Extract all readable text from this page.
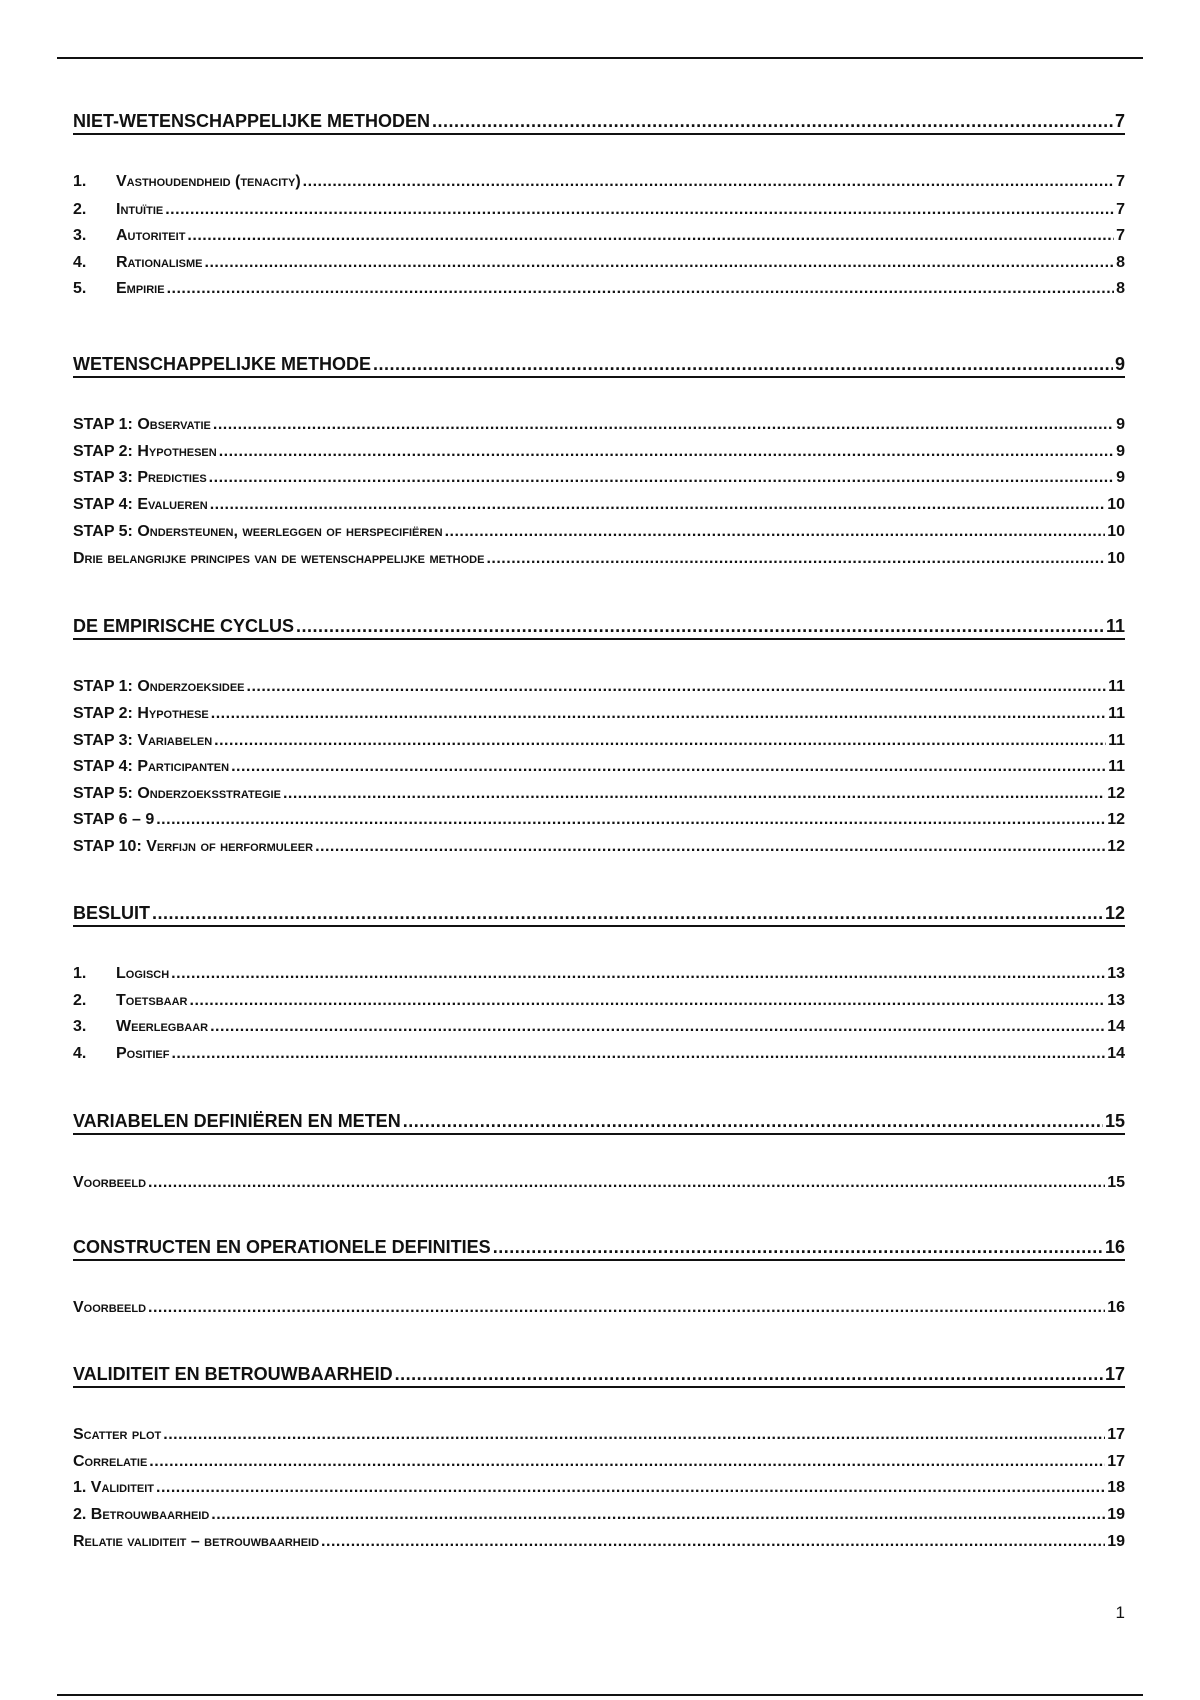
NIET-WETENSCHAPPELIJKE METHODEN .....	7
1.	Vasthoudendheid (tenacity) .....	7
2.	Intuïtie .....	7
3.	Autoriteit .....	7
4.	Rationalisme .....	8
5.	Empirie .....	8
WETENSCHAPPELIJKE METHODE .....	9
STAP 1: Observatie .....	9
STAP 2: Hypothesen .....	9
STAP 3: Predicties .....	9
STAP 4: Evalueren .....	10
STAP 5: Ondersteunen, weerleggen of herspecifiëren .....	10
Drie belangrijke principes van de wetenschappelijke methode .....	10
DE EMPIRISCHE CYCLUS .....	11
STAP 1: Onderzoeksidee .....	11
STAP 2: Hypothese .....	11
STAP 3: Variabelen .....	11
STAP 4: Participanten .....	11
STAP 5: Onderzoeksstrategie .....	12
STAP 6 – 9 .....	12
STAP 10: Verfijn of herformuleer .....	12
BESLUIT .....	12
1.	Logisch .....	13
2.	Toetsbaar .....	13
3.	Weerlegbaar .....	14
4.	Positief .....	14
VARIABELEN DEFINIËREN EN METEN .....	15
Voorbeeld .....	15
CONSTRUCTEN EN OPERATIONELE DEFINITIES .....	16
Voorbeeld .....	16
VALIDITEIT EN BETROUWBAARHEID .....	17
Scatter plot .....	17
Correlatie .....	17
1. Validiteit .....	18
2. Betrouwbaarheid .....	19
Relatie validiteit – betrouwbaarheid .....	19
1
